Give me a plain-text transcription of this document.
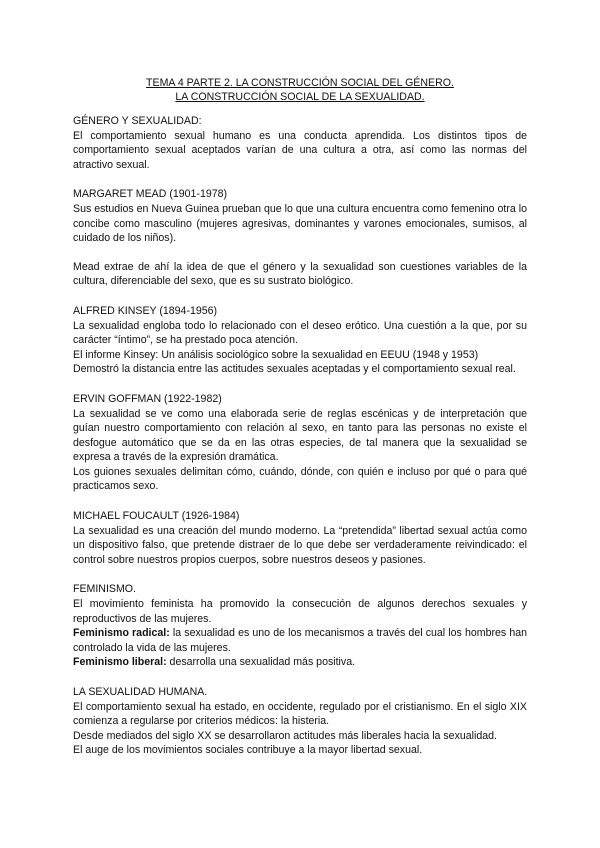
TEMA 4 PARTE 2. LA CONSTRUCCIÓN SOCIAL DEL GÉNERO.
LA CONSTRUCCIÓN SOCIAL DE LA SEXUALIDAD.

GÉNERO Y SEXUALIDAD:

El comportamiento sexual humano es una conducta aprendida. Los distintos tipos de comportamiento sexual aceptados varían de una cultura a otra, así como las normas del atractivo sexual.

MARGARET MEAD (1901-1978)

Sus estudios en Nueva Guinea prueban que lo que una cultura encuentra como femenino otra lo concibe como masculino (mujeres agresivas, dominantes y varones emocionales, sumisos, al cuidado de los niños).

Mead extrae de ahí la idea de que el género y la sexualidad son cuestiones variables de la cultura, diferenciable del sexo, que es su sustrato biológico.

ALFRED KINSEY (1894-1956)

La sexualidad engloba todo lo relacionado con el deseo erótico. Una cuestión a la que, por su carácter “íntimo”, se ha prestado poca atención.

El informe Kinsey: Un análisis sociológico sobre la sexualidad en EEUU (1948 y 1953)

Demostró la distancia entre las actitudes sexuales aceptadas y el comportamiento sexual real.

ERVIN GOFFMAN (1922-1982)

La sexualidad se ve como una elaborada serie de reglas escénicas y de interpretación que guían nuestro comportamiento con relación al sexo, en tanto para las personas no existe el desfogue automático que se da en las otras especies, de tal manera que la sexualidad se expresa a través de la expresión dramática.

Los guiones sexuales delimitan cómo, cuándo, dónde, con quién e incluso por qué o para qué practicamos sexo.

MICHAEL FOUCAULT (1926-1984)

La sexualidad es una creación del mundo moderno. La “pretendida” libertad sexual actúa como un dispositivo falso, que pretende distraer de lo que debe ser verdaderamente reivindicado: el control sobre nuestros propios cuerpos, sobre nuestros deseos y pasiones.

FEMINISMO.

El movimiento feminista ha promovido la consecución de algunos derechos sexuales y reproductivos de las mujeres.

Feminismo radical: la sexualidad es uno de los mecanismos a través del cual los hombres han controlado la vida de las mujeres.

Feminismo liberal: desarrolla una sexualidad más positiva.

LA SEXUALIDAD HUMANA.

El comportamiento sexual ha estado, en occidente, regulado por el cristianismo. En el siglo XIX comienza a regularse por criterios médicos: la histeria.

Desde mediados del siglo XX se desarrollaron actitudes más liberales hacia la sexualidad.

El auge de los movimientos sociales contribuye a la mayor libertad sexual.
